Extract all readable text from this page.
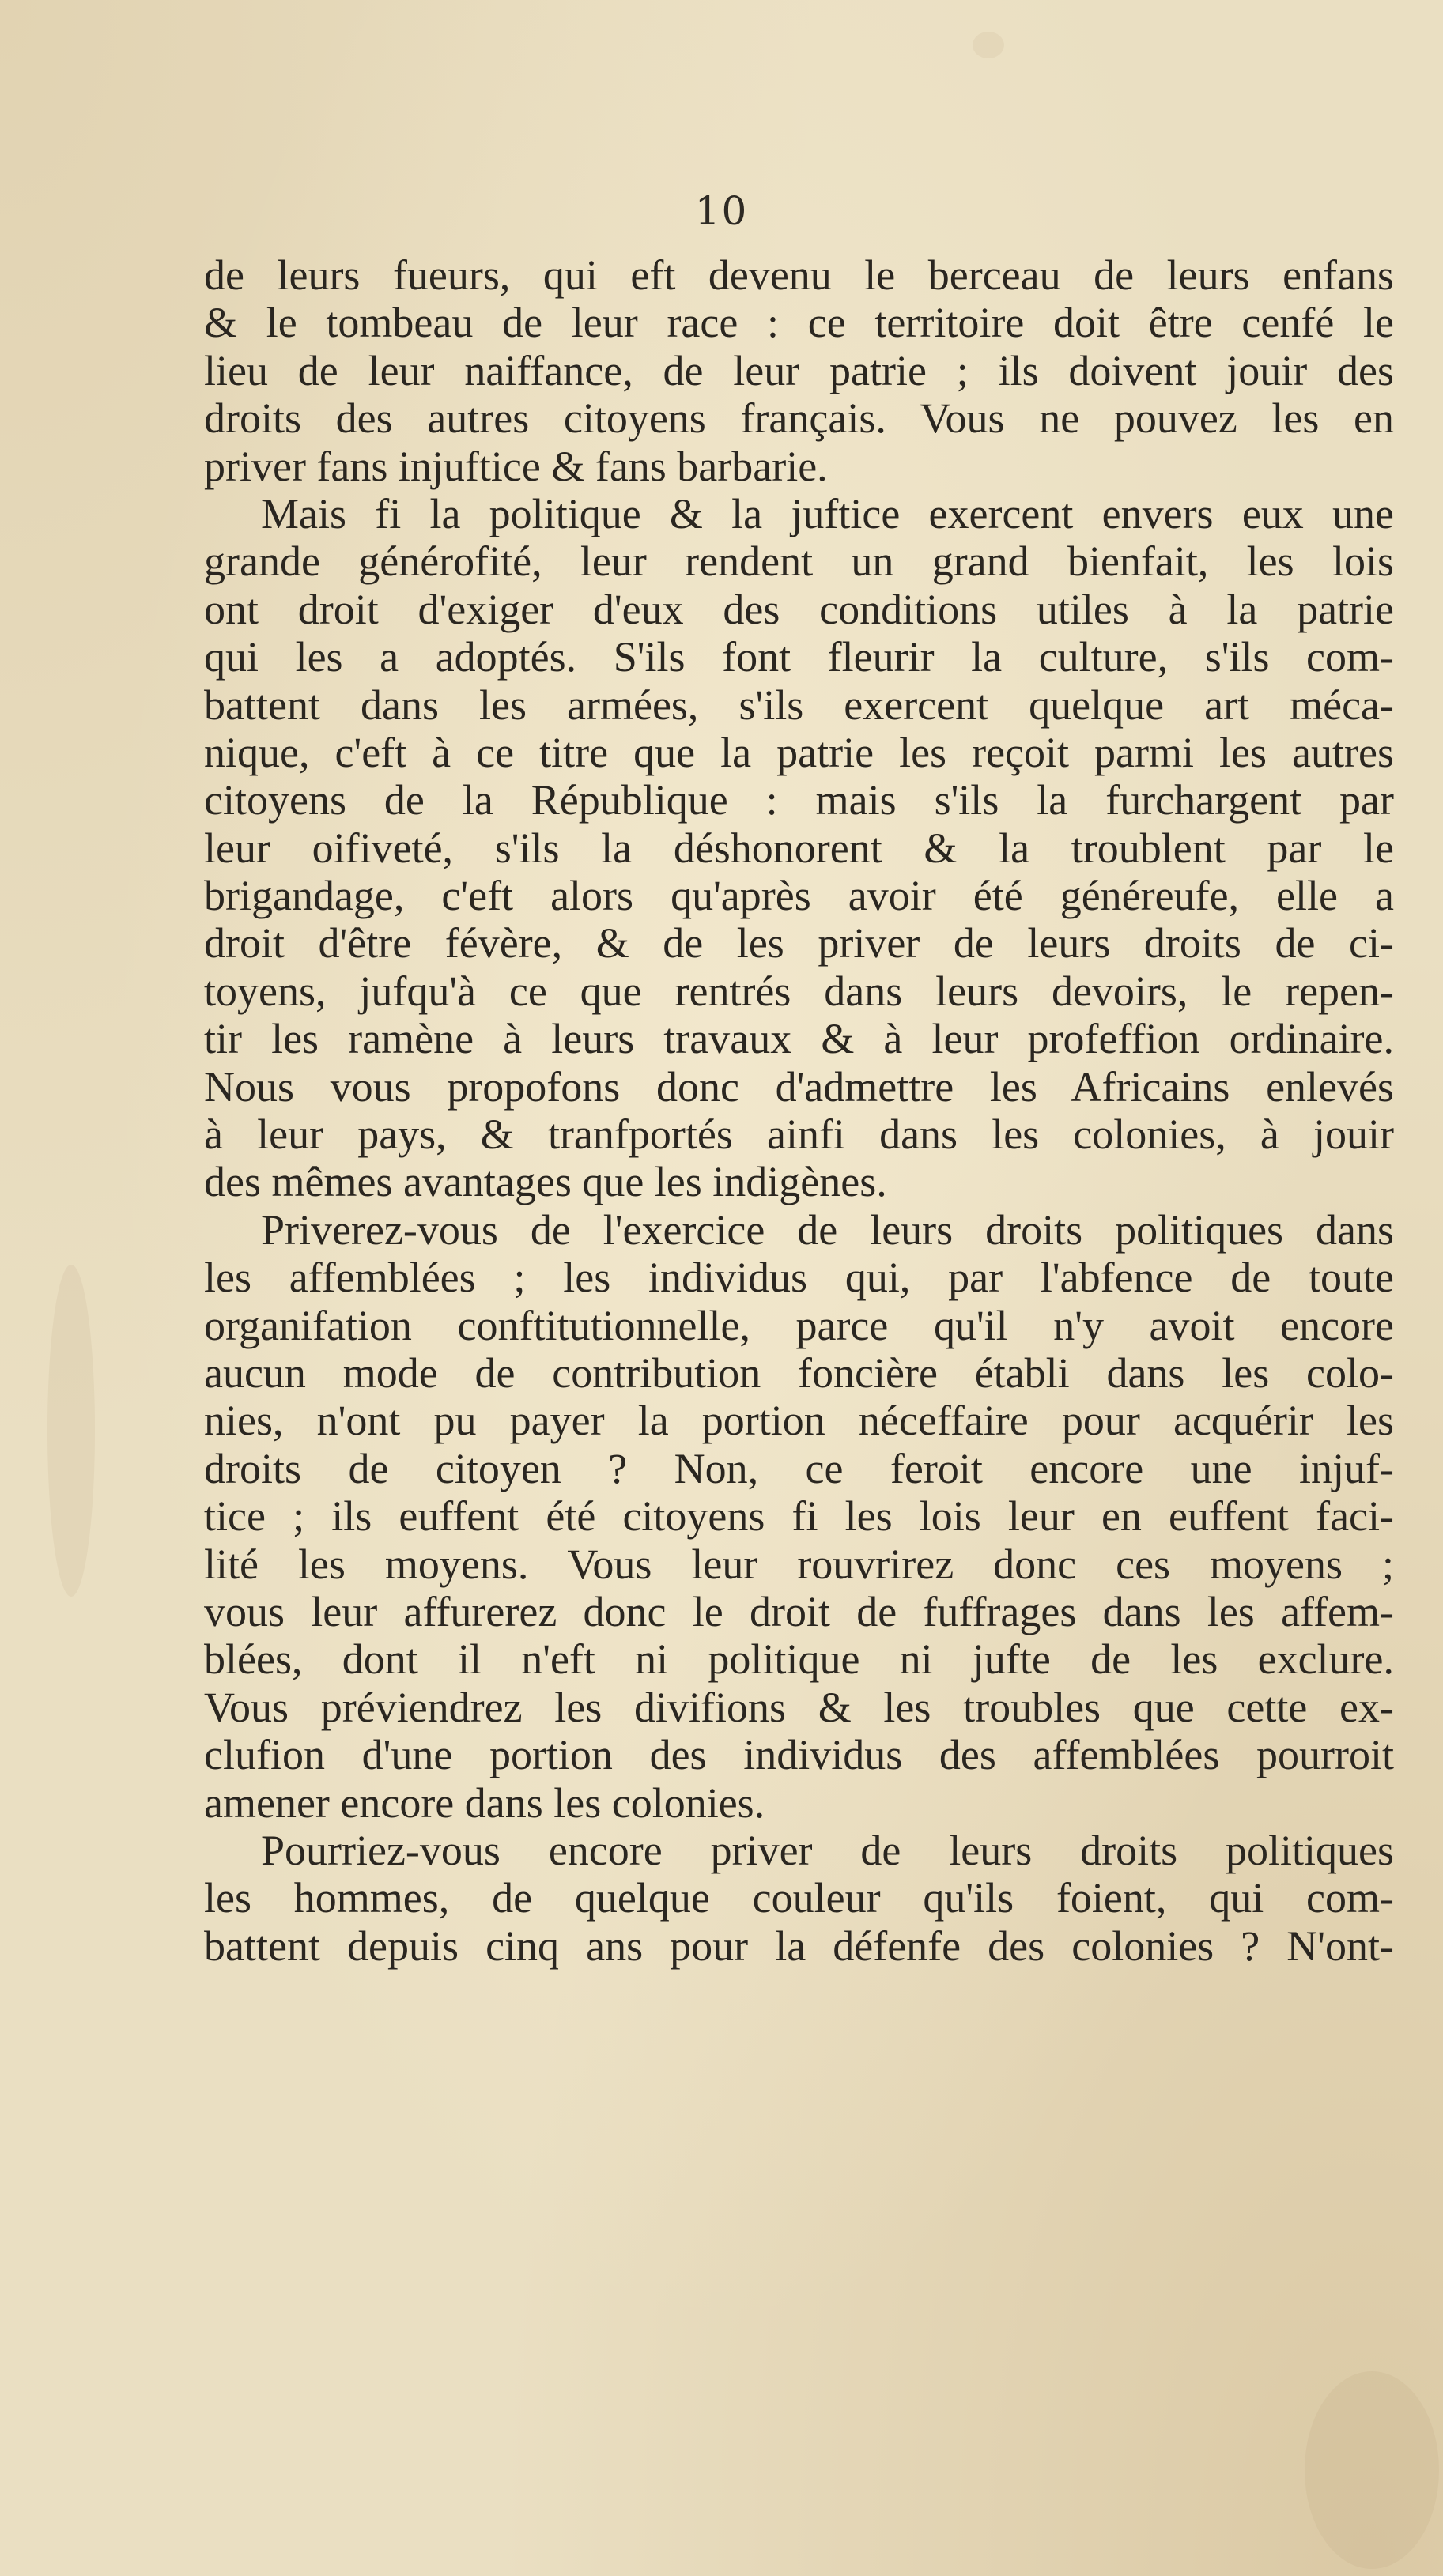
10
de leurs fueurs, qui eft devenu le berceau de leurs enfans
& le tombeau de leur race : ce territoire doit être cenfé le
lieu de leur naiffance, de leur patrie ; ils doivent jouir des
droits des autres citoyens français. Vous ne pouvez les en
priver fans injuftice & fans barbarie.
Mais fi la politique & la juftice exercent envers eux une
grande générofité, leur rendent un grand bienfait, les lois
ont droit d'exiger d'eux des conditions utiles à la patrie
qui les a adoptés. S'ils font fleurir la culture, s'ils com-
battent dans les armées, s'ils exercent quelque art méca-
nique, c'eft à ce titre que la patrie les reçoit parmi les autres
citoyens de la République : mais s'ils la furchargent par
leur oifiveté, s'ils la déshonorent & la troublent par le
brigandage, c'eft alors qu'après avoir été généreufe, elle a
droit d'être févère, & de les priver de leurs droits de ci-
toyens, jufqu'à ce que rentrés dans leurs devoirs, le repen-
tir les ramène à leurs travaux & à leur profeffion ordinaire.
Nous vous propofons donc d'admettre les Africains enlevés
à leur pays, & tranfportés ainfi dans les colonies, à jouir
des mêmes avantages que les indigènes.
Priverez-vous de l'exercice de leurs droits politiques dans
les affemblées ; les individus qui, par l'abfence de toute
organifation conftitutionnelle, parce qu'il n'y avoit encore
aucun mode de contribution foncière établi dans les colo-
nies, n'ont pu payer la portion néceffaire pour acquérir les
droits de citoyen ? Non, ce feroit encore une injuf-
tice ; ils euffent été citoyens fi les lois leur en euffent faci-
lité les moyens. Vous leur rouvrirez donc ces moyens ;
vous leur affurerez donc le droit de fuffrages dans les affem-
blées, dont il n'eft ni politique ni jufte de les exclure.
Vous préviendrez les divifions & les troubles que cette ex-
clufion d'une portion des individus des affemblées pourroit
amener encore dans les colonies.
Pourriez-vous encore priver de leurs droits politiques
les hommes, de quelque couleur qu'ils foient, qui com-
battent depuis cinq ans pour la défenfe des colonies ? N'ont-
